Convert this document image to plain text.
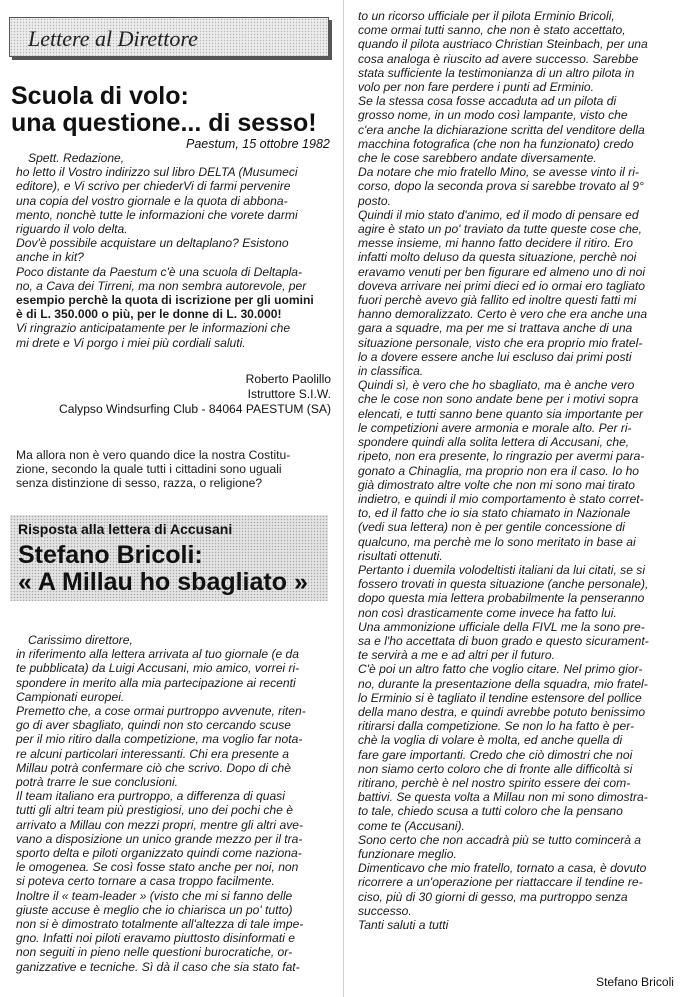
Lettere al Direttore
Scuola di volo:
una questione... di sesso!
Paestum, 15 ottobre 1982
Spett. Redazione,
ho letto il Vostro indirizzo sul libro DELTA (Musumeci
editore), e Vi scrivo per chiederVi di farmi pervenire
una copia del vostro giornale e la quota di abbona-
mento, nonchè tutte le informazioni che vorete darmi
riguardo il volo delta.
Dov'è possibile acquistare un deltaplano? Esistono
anche in kit?
Poco distante da Paestum c'è una scuola di Deltapla-
no, a Cava dei Tirreni, ma non sembra autorevole, per
esempio perchè la quota di iscrizione per gli uomini
è di L. 350.000 o più, per le donne di L. 30.000!
Vi ringrazio anticipatamente per le informazioni che
mi drete e Vi porgo i miei più cordiali saluti.
Roberto Paolillo
Istruttore S.I.W.
Calypso Windsurfing Club - 84064 PAESTUM (SA)
Ma allora non è vero quando dice la nostra Costitu-
zione, secondo la quale tutti i cittadini sono uguali
senza distinzione di sesso, razza, o religione?
Risposta alla lettera di Accusani
Stefano Bricoli:
« A Millau ho sbagliato »
Carissimo direttore,
in riferimento alla lettera arrivata al tuo giornale (e da
te pubblicata) da Luigi Accusani, mio amico, vorrei ri-
spondere in merito alla mia partecipazione ai recenti
Campionati europei.
Premetto che, a cose ormai purtroppo avvenute, riten-
go di aver sbagliato, quindi non sto cercando scuse
per il mio ritiro dalla competizione, ma voglio far nota-
re alcuni particolari interessanti. Chi era presente a
Millau potrà confermare ciò che scrivo. Dopo di chè
potrà trarre le sue conclusioni.
Il team italiano era purtroppo, a differenza di quasi
tutti gli altri team più prestigiosi, uno dei pochi che è
arrivato a Millau con mezzi propri, mentre gli altri ave-
vano a disposizione un unico grande mezzo per il tra-
sporto delta e piloti organizzato quindi come naziona-
le omogenea. Se così fosse stato anche per noi, non
si poteva certo tornare a casa troppo facilmente.
Inoltre il « team-leader » (visto che mi si fanno delle
giuste accuse è meglio che io chiarisca un po' tutto)
non si è dimostrato totalmente all'altezza di tale impe-
gno. Infatti noi piloti eravamo piuttosto disinformati e
non seguiti in pieno nelle questioni burocratiche, or-
ganizzative e tecniche. Sì dà il caso che sia stato fat-
to un ricorso ufficiale per il pilota Erminio Bricoli,
come ormai tutti sanno, che non è stato accettato,
quando il pilota austriaco Christian Steinbach, per una
cosa analoga è riuscito ad avere successo. Sarebbe
stata sufficiente la testimonianza di un altro pilota in
volo per non fare perdere i punti ad Erminio.
Se la stessa cosa fosse accaduta ad un pilota di
grosso nome, in un modo così lampante, visto che
c'era anche la dichiarazione scritta del venditore della
macchina fotografica (che non ha funzionato) credo
che le cose sarebbero andate diversamente.
Da notare che mio fratello Mino, se avesse vinto il ri-
corso, dopo la seconda prova si sarebbe trovato al 9°
posto.
Quindi il mio stato d'animo, ed il modo di pensare ed
agire è stato un po' traviato da tutte queste cose che,
messe insieme, mi hanno fatto decidere il ritiro. Ero
infatti molto deluso da questa situazione, perchè noi
eravamo venuti per ben figurare ed almeno uno di noi
doveva arrivare nei primi dieci ed io ormai ero tagliato
fuori perchè avevo già fallito ed inoltre questi fatti mi
hanno demoralizzato. Certo è vero che era anche una
gara a squadre, ma per me si trattava anche di una
situazione personale, visto che era proprio mio fratel-
lo a dovere essere anche lui escluso dai primi posti
in classifica.
Quindi sì, è vero che ho sbagliato, ma è anche vero
che le cose non sono andate bene per i motivi sopra
elencati, e tutti sanno bene quanto sia importante per
le competizioni avere armonia e morale alto. Per ri-
spondere quindi alla solita lettera di Accusani, che,
ripeto, non era presente, lo ringrazio per avermi para-
gonato a Chinaglia, ma proprio non era il caso. Io ho
già dimostrato altre volte che non mi sono mai tirato
indietro, e quindi il mio comportamento è stato corret-
to, ed il fatto che io sia stato chiamato in Nazionale
(vedi sua lettera) non è per gentile concessione di
qualcuno, ma perchè me lo sono meritato in base ai
risultati ottenuti.
Pertanto i duemila volodeltisti italiani da lui citati, se si
fossero trovati in questa situazione (anche personale),
dopo questa mia lettera probabilmente la penseranno
non così drasticamente come invece ha fatto lui.
Una ammonizione ufficiale della FIVL me la sono pre-
sa e l'ho accettata di buon grado e questo sicurament-
te servirà a me e ad altri per il futuro.
C'è poi un altro fatto che voglio citare. Nel primo gior-
no, durante la presentazione della squadra, mio fratel-
lo Erminio si è tagliato il tendine estensore del pollice
della mano destra, e quindi avrebbe potuto benissimo
ritirarsi dalla competizione. Se non lo ha fatto è per-
chè la voglia di volare è molta, ed anche quella di
fare gare importanti. Credo che ciò dimostri che noi
non siamo certo coloro che di fronte alle difficoltà si
ritirano, perchè è nel nostro spirito essere dei com-
battivi. Se questa volta a Millau non mi sono dimostra-
to tale, chiedo scusa a tutti coloro che la pensano
come te (Accusani).
Sono certo che non accadrà più se tutto comincerà a
funzionare meglio.
Dimenticavo che mio fratello, tornato a casa, è dovuto
ricorrere a un'operazione per riattaccare il tendine re-
ciso, più di 30 giorni di gesso, ma purtroppo senza
successo.
Tanti saluti a tutti
Stefano Bricoli
